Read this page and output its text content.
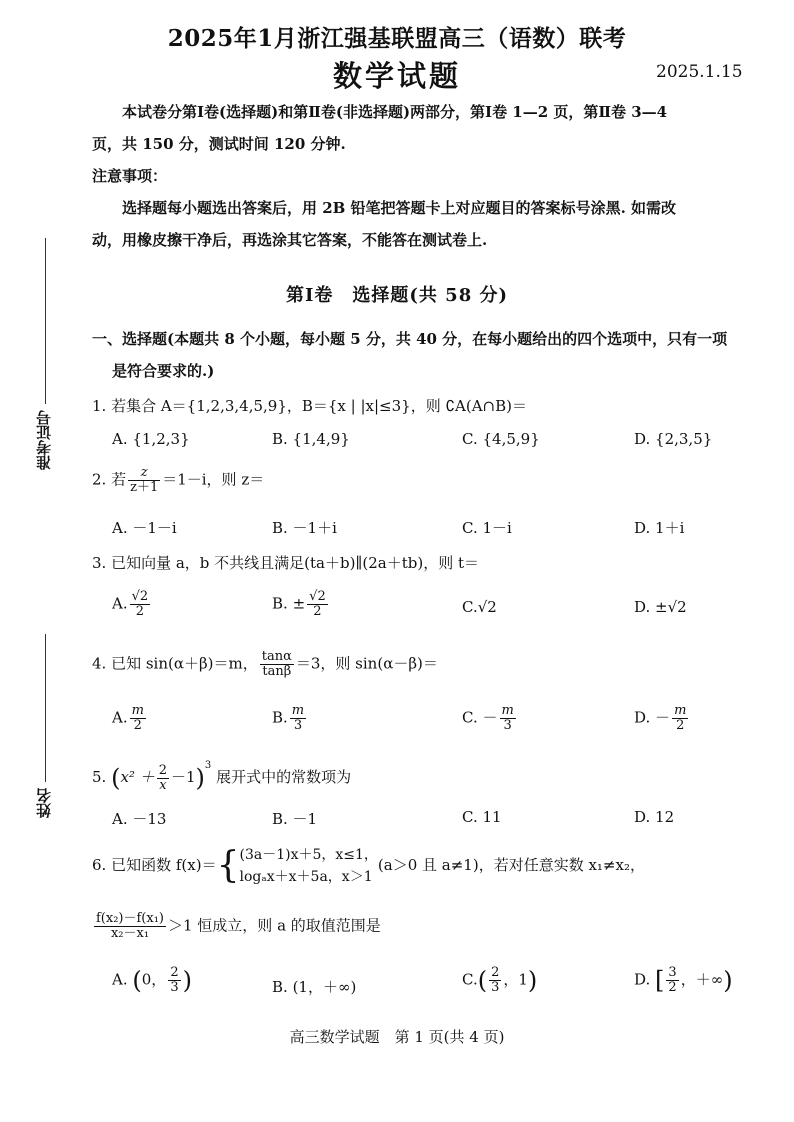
2025年1月浙江强基联盟高三（语数）联考
数学试题	2025.1.15
本试卷分第Ⅰ卷(选择题)和第Ⅱ卷(非选择题)两部分，第Ⅰ卷 1—2 页，第Ⅱ卷 3—4
页，共 150 分，测试时间 120 分钟.
注意事项：
选择题每小题选出答案后，用 2B 铅笔把答题卡上对应题目的答案标号涂黑. 如需改
动，用橡皮擦干净后，再选涂其它答案，不能答在测试卷上.
第Ⅰ卷　选择题(共 58 分)
一、选择题(本题共 8 个小题，每小题 5 分，共 40 分，在每小题给出的四个选项中，只有一项
是符合要求的.)
准考证号
姓名
1. 若集合 A＝{1,2,3,4,5,9}，B＝{x | |x|≤3}，则 ∁A(A∩B)＝
A. {1,2,3}	B. {1,4,9}	C. {4,5,9}	D. {2,3,5}
2. 若 $\frac{z}{z+1} =1-i$，则 z＝
A. －1－i	B. －1＋i	C. 1－i	D. 1＋i
3. 已知向量 a，b 不共线且满足(ta＋b)∥(2a＋tb)，则 t＝
A. $\frac{√2}{2}$	B. ± $\frac{√2}{2}$	C.√2	D. ±√2
4. 已知 sin(α＋β)＝m， $\frac{\tan\alpha}{\tan\beta} =3$，则 sin(α－β)＝
A. $\frac{m}{2}$	B. $\frac{m}{3}$	C. － $\frac{m}{3}$	D. － $\frac{m}{2}$
5. $(x^2 + \frac{2}{x} -1)^3$ 展开式中的常数项为
A. －13	B. －1	C. 11	D. 12
6. 已知函数 f(x)＝{ (3a－1)x＋5，x≤1，
logₐx＋x＋5a，x＞1
(a＞0 且 a≠1)，若对任意实数 x₁≠x₂，
$\frac{\text{f(x₂)－f(x₁)}}{\text{x₂－x₁}} >1$ 恒成立，则 a 的取值范围是
A. (0， $\frac{2}{3}$ )	B. (1，＋∞)	$C.( \frac{2}{3}$ ，1)	D. [ $\frac{3}{2}$ ，＋∞)
高三数学试题　第 1 页(共 4 页)
